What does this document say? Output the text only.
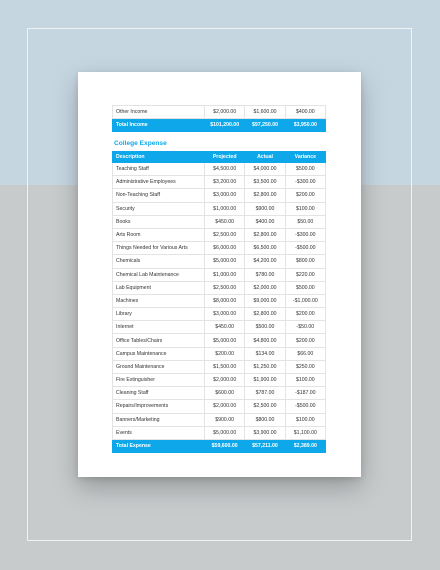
Other Income	$2,000.00	$1,600.00	$400.00
Total Income	$101,200.00	$97,250.00	$3,950.00
College Expense
Description	Projected	Actual	Variance
Teaching Staff	$4,500.00	$4,000.00	$500.00
Administrative Employees	$3,200.00	$3,500.00	-$300.00
Non-Teaching Staff	$3,000.00	$2,800.00	$200.00
Security	$1,000.00	$900.00	$100.00
Books	$450.00	$400.00	$50.00
Arts Room	$2,500.00	$2,800.00	-$300.00
Things Needed for Various Arts	$6,000.00	$6,500.00	-$500.00
Chemicals	$5,000.00	$4,200.00	$800.00
Chemical Lab Maintenance	$1,000.00	$780.00	$220.00
Lab Equipment	$2,500.00	$2,000.00	$500.00
Machines	$8,000.00	$9,000.00	-$1,000.00
Library	$3,000.00	$2,800.00	$200.00
Internet	$450.00	$500.00	-$50.00
Office Tables/Chairs	$5,000.00	$4,800.00	$200.00
Campus Maintenance	$200.00	$134.00	$66.00
Ground Maintenance	$1,500.00	$1,250.00	$250.00
Fire Extinguisher	$2,000.00	$1,900.00	$100.00
Cleaning Staff	$600.00	$787.00	-$187.00
Repairs/Improvements	$2,000.00	$2,500.00	-$500.00
Banners/Marketing	$900.00	$800.00	$100.00
Events	$5,000.00	$3,900.00	$1,100.00
Total Expense	$59,600.00	$57,211.00	$2,389.00
